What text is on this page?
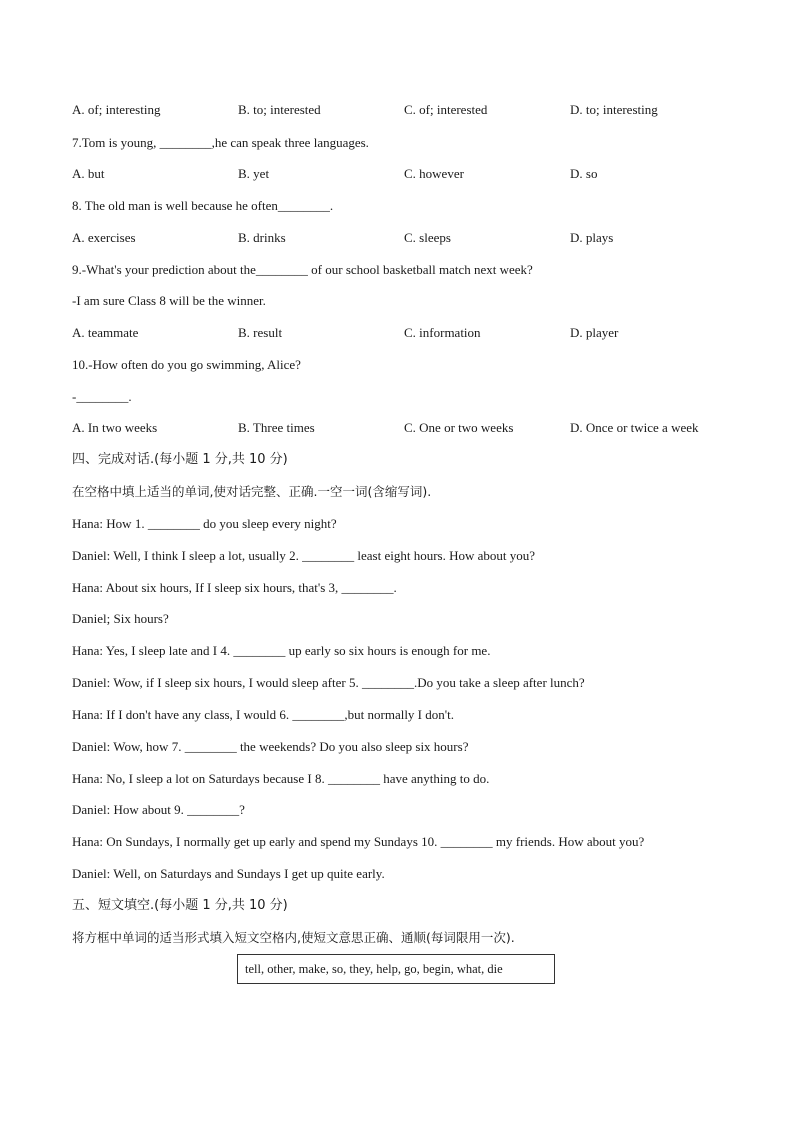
A. of; interesting	B. to; interested	C. of; interested	D. to; interesting
7.Tom is young, ________,he can speak three languages.
A. but	B. yet	C. however	D. so
8. The old man is well because he often________.
A. exercises	B. drinks	C. sleeps	D. plays
9.-What's your prediction about the________ of our school basketball match next week?
-I am sure Class 8 will be the winner.
A. teammate	B. result	C. information	D. player
10.-How often do you go swimming, Alice?
-________.
A. In two weeks	B. Three times	C. One or two weeks	D. Once or twice a week
四、完成对话.(每小题 1 分,共 10 分)
在空格中填上适当的单词,使对话完整、正确.一空一词(含缩写词).
Hana: How 1. ________ do you sleep every night?
Daniel: Well, I think I sleep a lot, usually 2. ________ least eight hours. How about you?
Hana: About six hours, If I sleep six hours, that's 3, ________.
Daniel; Six hours?
Hana: Yes, I sleep late and I 4. ________ up early so six hours is enough for me.
Daniel: Wow, if I sleep six hours, I would sleep after 5. ________.Do you take a sleep after lunch?
Hana: If I don't have any class, I would 6. ________,but normally I don't.
Daniel: Wow, how 7. ________ the weekends? Do you also sleep six hours?
Hana: No, I sleep a lot on Saturdays because I 8. ________ have anything to do.
Daniel: How about 9. ________?
Hana: On Sundays, I normally get up early and spend my Sundays 10. ________ my friends. How about you?
Daniel: Well, on Saturdays and Sundays I get up quite early.
五、短文填空.(每小题 1 分,共 10 分)
将方框中单词的适当形式填入短文空格内,使短文意思正确、通顺(每词限用一次).
tell, other, make, so, they, help, go, begin, what, die
